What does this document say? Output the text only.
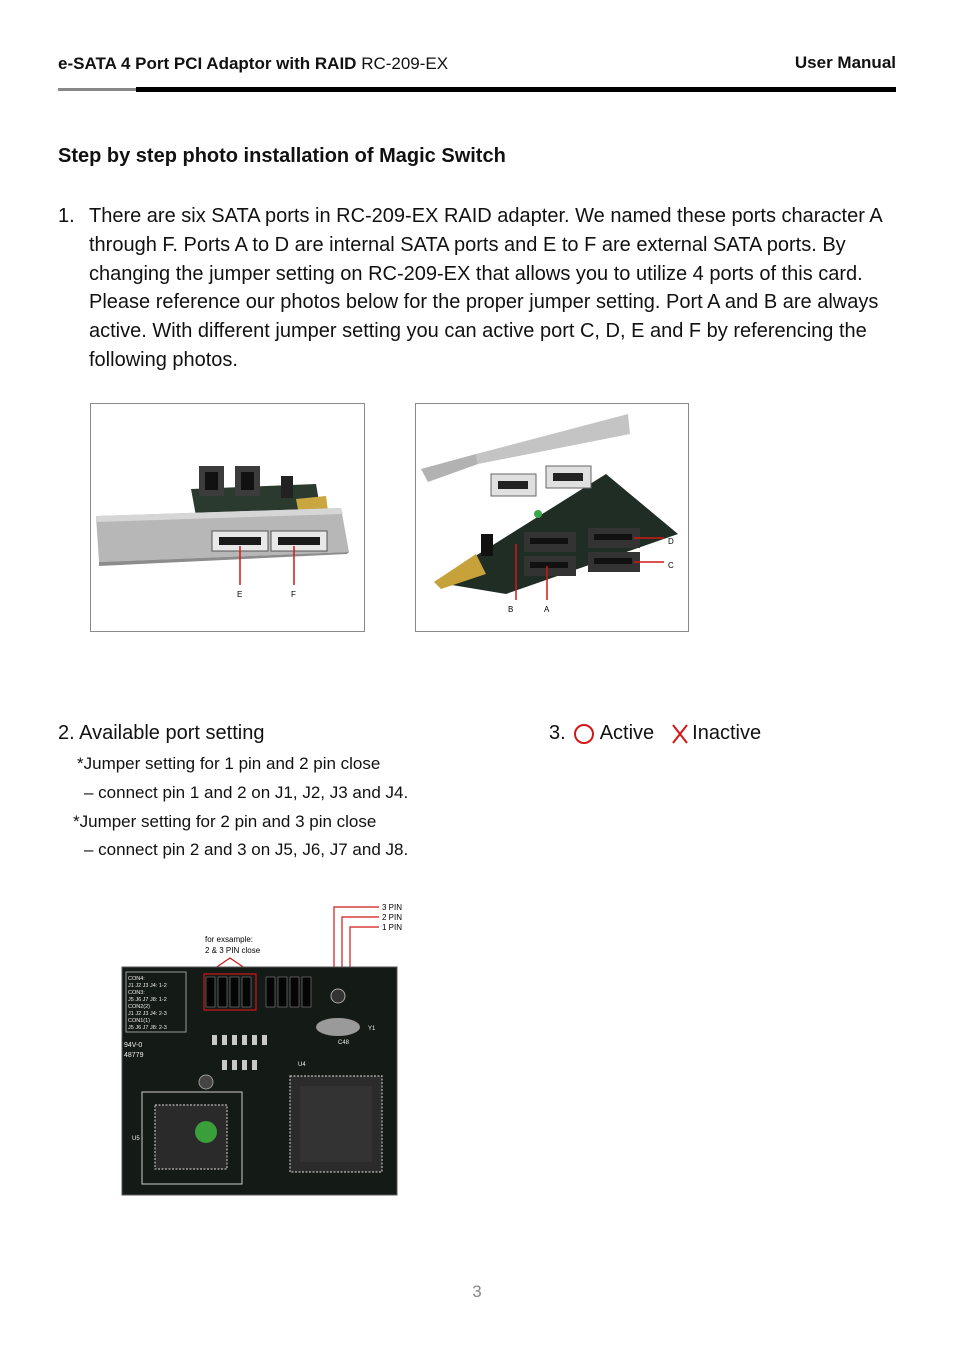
e-SATA 4 Port PCI Adaptor with RAID RC-209-EX	User Manual
Step by step photo installation of Magic Switch
1. There are six SATA ports in RC-209-EX RAID adapter. We named these ports character A through F. Ports A to D are internal SATA ports and E to F are external SATA ports. By changing the jumper setting on RC-209-EX that allows you to utilize 4 ports of this card. Please reference our photos below for the proper jumper setting. Port A and B are always active. With different jumper setting you can active port C, D, E and F by referencing the following photos.
E	F
B	A
D
C
2. Available port setting
*Jumper setting for 1 pin and 2 pin close
– connect pin 1 and 2 on J1, J2, J3 and J4.
*Jumper setting for 2 pin and 3 pin close
– connect pin 2 and 3 on J5, J6, J7 and J8.
3. Active Inactive
3 PIN
2 PIN
1 PIN
for exsample:
2 & 3 PIN close
CON4:
J1 J2 J3 J4: 1-2
CON3:
J5 J6 J7 J8: 1-2
CON2(2)
J1 J2 J3 J4: 2-3
CON1(1)
J5 J6 J7 J8: 2-3	Y1
C48
94V-0
48779
U4
U5
3
